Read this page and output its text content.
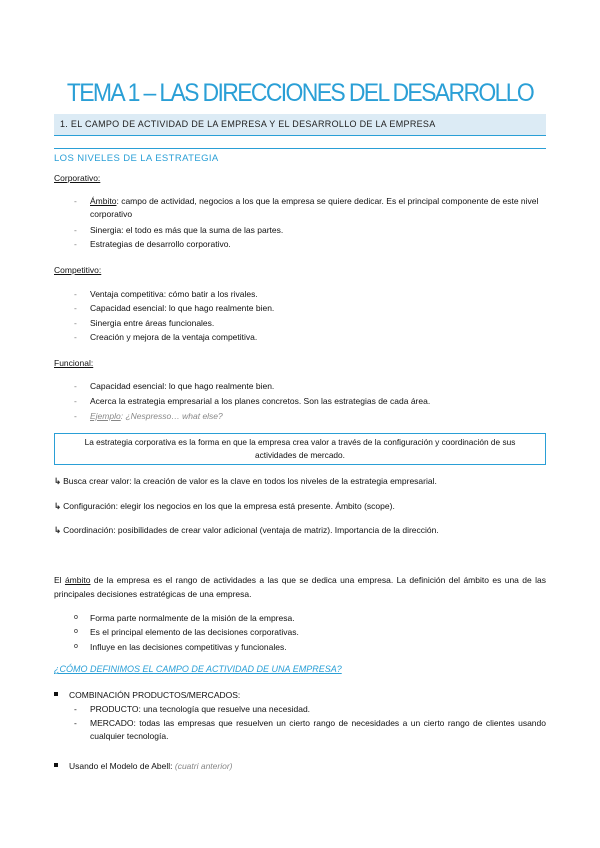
TEMA 1 – LAS DIRECCIONES DEL DESARROLLO
1. EL CAMPO DE ACTIVIDAD DE LA EMPRESA Y EL DESARROLLO DE LA EMPRESA
LOS NIVELES DE LA ESTRATEGIA
Corporativo:
- Ámbito: campo de actividad, negocios a los que la empresa se quiere dedicar. Es el principal componente de este nivel corporativo
- Sinergia: el todo es más que la suma de las partes.
- Estrategias de desarrollo corporativo.
Competitivo:
- Ventaja competitiva: cómo batir a los rivales.
- Capacidad esencial: lo que hago realmente bien.
- Sinergia entre áreas funcionales.
- Creación y mejora de la ventaja competitiva.
Funcional:
- Capacidad esencial: lo que hago realmente bien.
- Acerca la estrategia empresarial a los planes concretos. Son las estrategias de cada área.
- Ejemplo: ¿Nespresso… what else?
La estrategia corporativa es la forma en que la empresa crea valor a través de la configuración y coordinación de sus actividades de mercado.
↳ Busca crear valor: la creación de valor es la clave en todos los niveles de la estrategia empresarial.
↳ Configuración: elegir los negocios en los que la empresa está presente. Ámbito (scope).
↳ Coordinación: posibilidades de crear valor adicional (ventaja de matriz). Importancia de la dirección.
El ámbito de la empresa es el rango de actividades a las que se dedica una empresa. La definición del ámbito es una de las principales decisiones estratégicas de una empresa.
o Forma parte normalmente de la misión de la empresa.
o Es el principal elemento de las decisiones corporativas.
o Influye en las decisiones competitivas y funcionales.
¿CÓMO DEFINIMOS EL CAMPO DE ACTIVIDAD DE UNA EMPRESA?
COMBINACIÓN PRODUCTOS/MERCADOS:
- PRODUCTO: una tecnología que resuelve una necesidad.
- MERCADO: todas las empresas que resuelven un cierto rango de necesidades a un cierto rango de clientes usando cualquier tecnología.
Usando el Modelo de Abell: (cuatri anterior)
